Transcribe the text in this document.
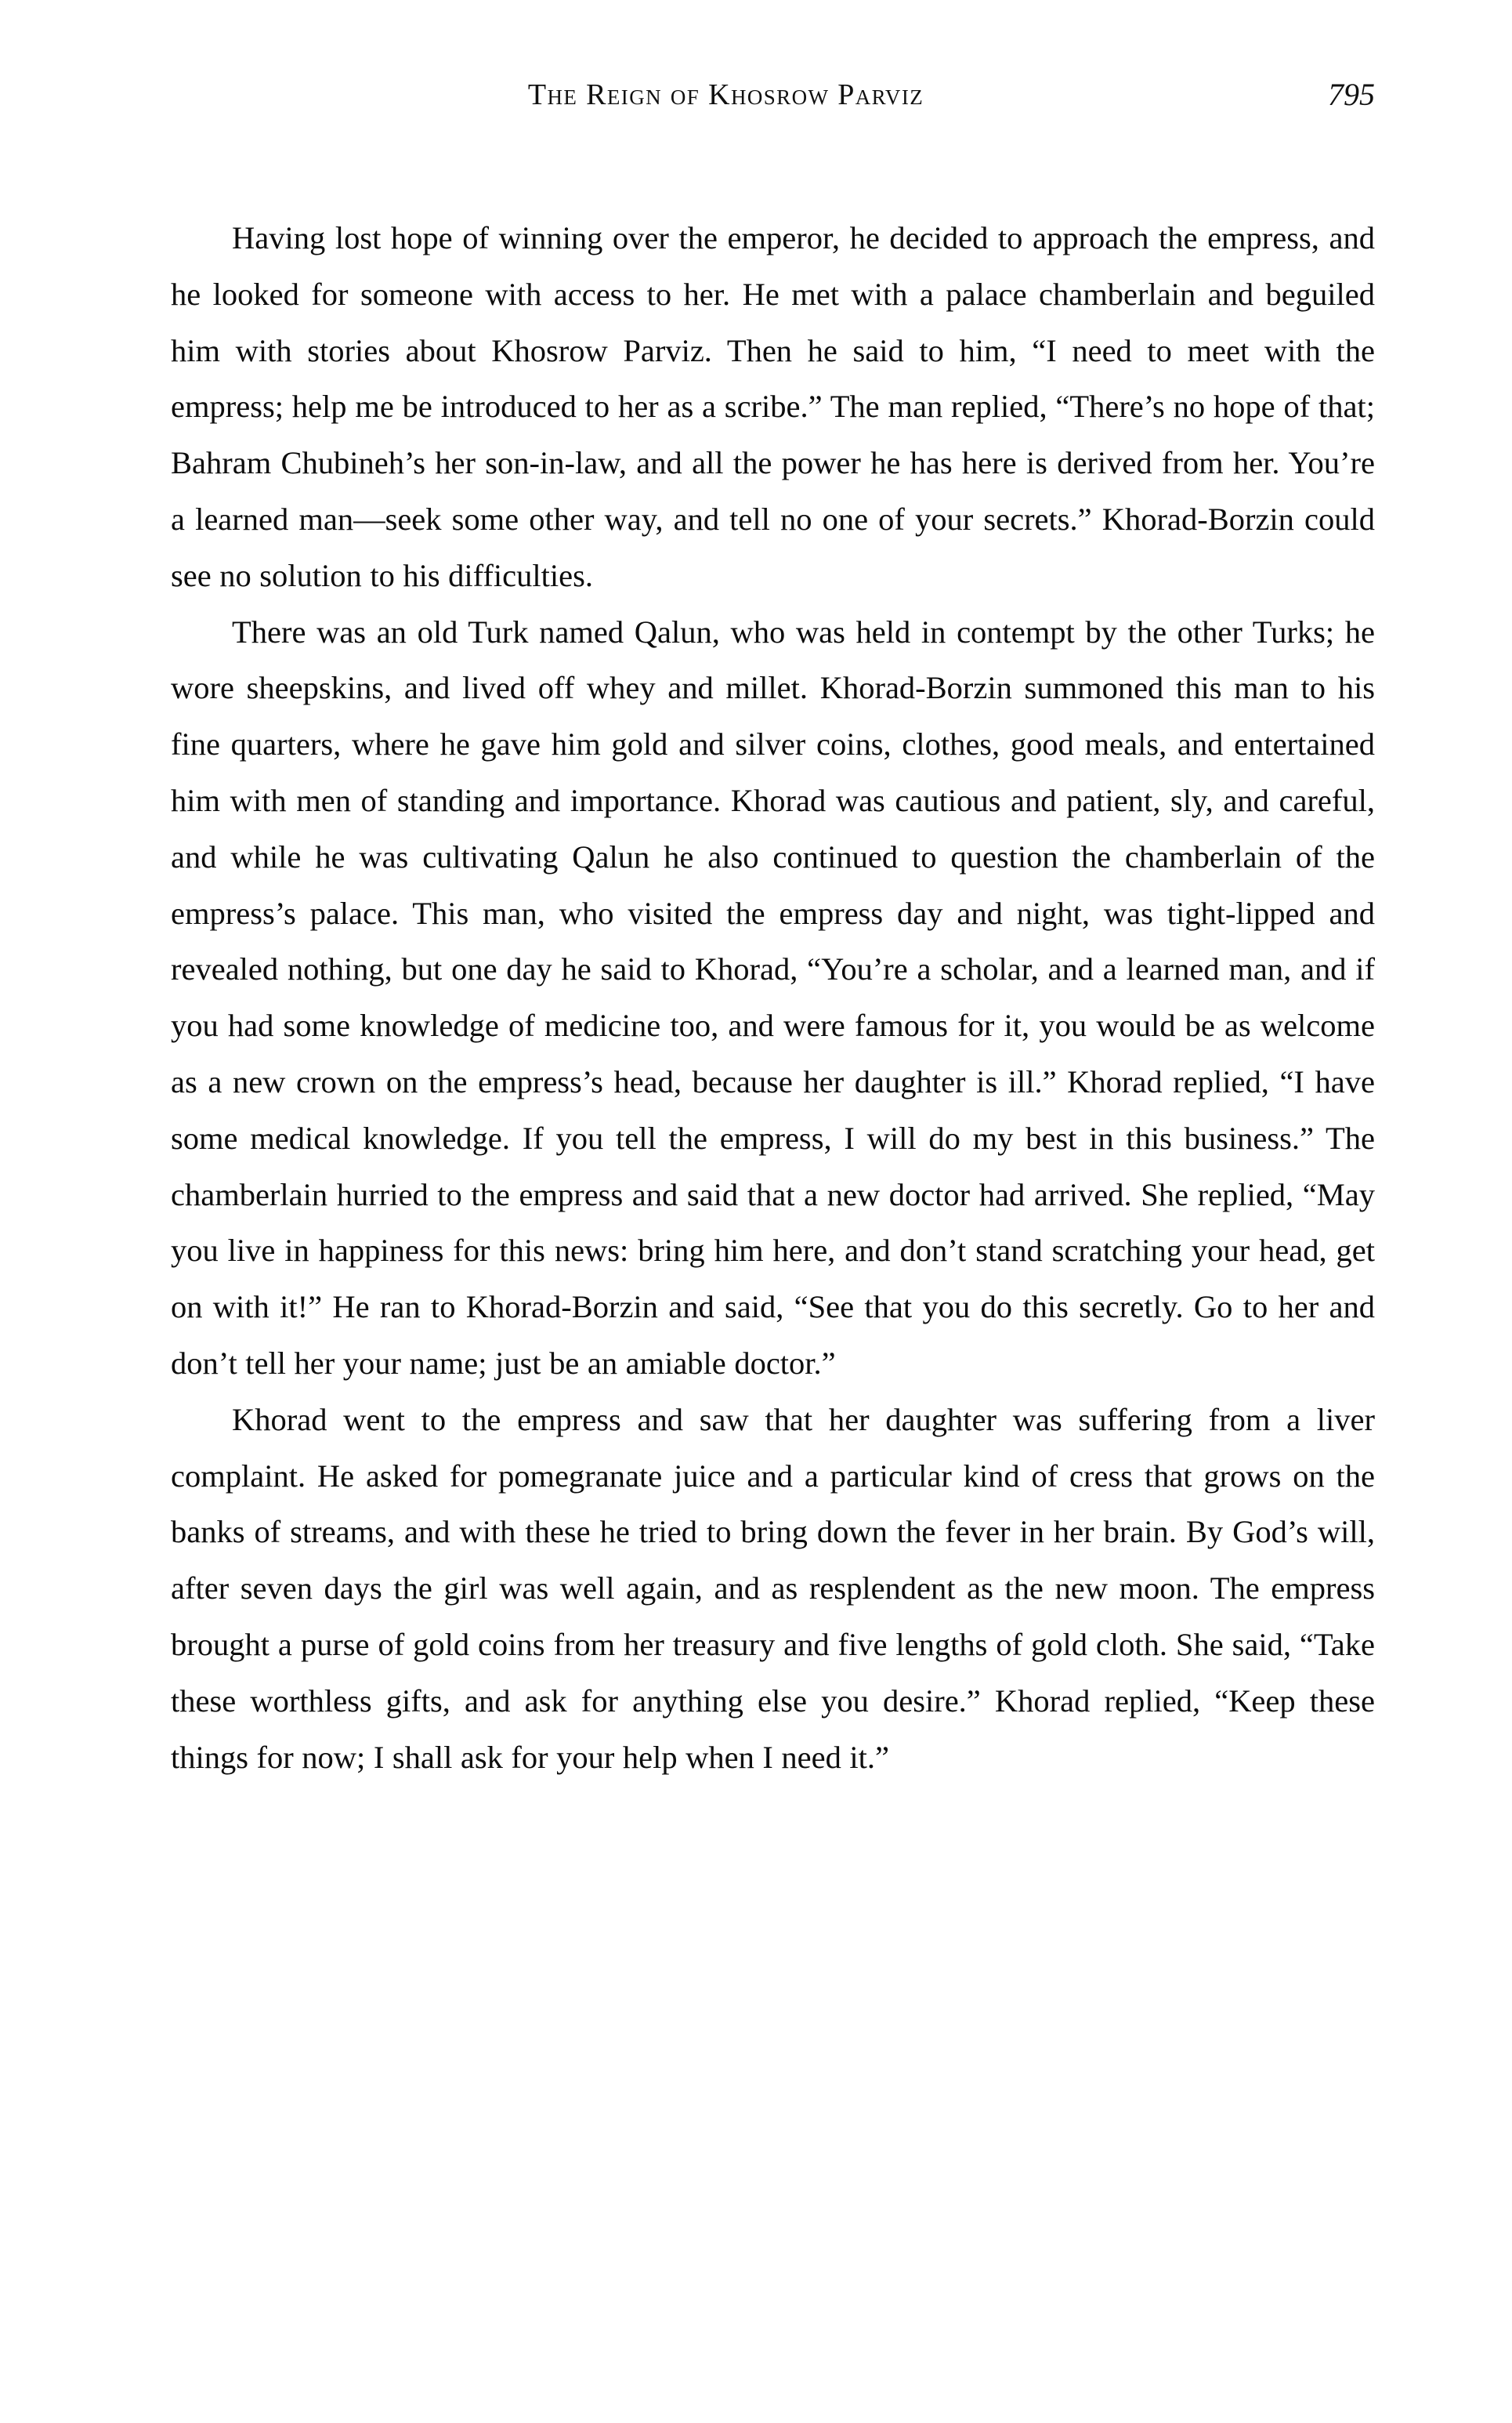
The Reign of Khosrow Parviz	795

Having lost hope of winning over the emperor, he decided to approach the empress, and he looked for someone with access to her. He met with a palace chamberlain and beguiled him with stories about Khosrow Parviz. Then he said to him, “I need to meet with the empress; help me be introduced to her as a scribe.” The man replied, “There’s no hope of that; Bahram Chubineh’s her son-in-law, and all the power he has here is derived from her. You’re a learned man—seek some other way, and tell no one of your secrets.” Khorad-Borzin could see no solution to his difficulties.

There was an old Turk named Qalun, who was held in contempt by the other Turks; he wore sheepskins, and lived off whey and millet. Khorad-Borzin summoned this man to his fine quarters, where he gave him gold and silver coins, clothes, good meals, and entertained him with men of standing and importance. Khorad was cautious and patient, sly, and careful, and while he was cultivating Qalun he also continued to question the chamberlain of the empress’s palace. This man, who visited the empress day and night, was tight-lipped and revealed nothing, but one day he said to Khorad, “You’re a scholar, and a learned man, and if you had some knowledge of medicine too, and were famous for it, you would be as welcome as a new crown on the empress’s head, because her daughter is ill.” Khorad replied, “I have some medical knowledge. If you tell the empress, I will do my best in this business.” The chamberlain hurried to the empress and said that a new doctor had arrived. She replied, “May you live in happiness for this news: bring him here, and don’t stand scratching your head, get on with it!” He ran to Khorad-Borzin and said, “See that you do this secretly. Go to her and don’t tell her your name; just be an amiable doctor.”

Khorad went to the empress and saw that her daughter was suffering from a liver complaint. He asked for pomegranate juice and a particular kind of cress that grows on the banks of streams, and with these he tried to bring down the fever in her brain. By God’s will, after seven days the girl was well again, and as resplendent as the new moon. The empress brought a purse of gold coins from her treasury and five lengths of gold cloth. She said, “Take these worthless gifts, and ask for anything else you desire.” Khorad replied, “Keep these things for now; I shall ask for your help when I need it.”
